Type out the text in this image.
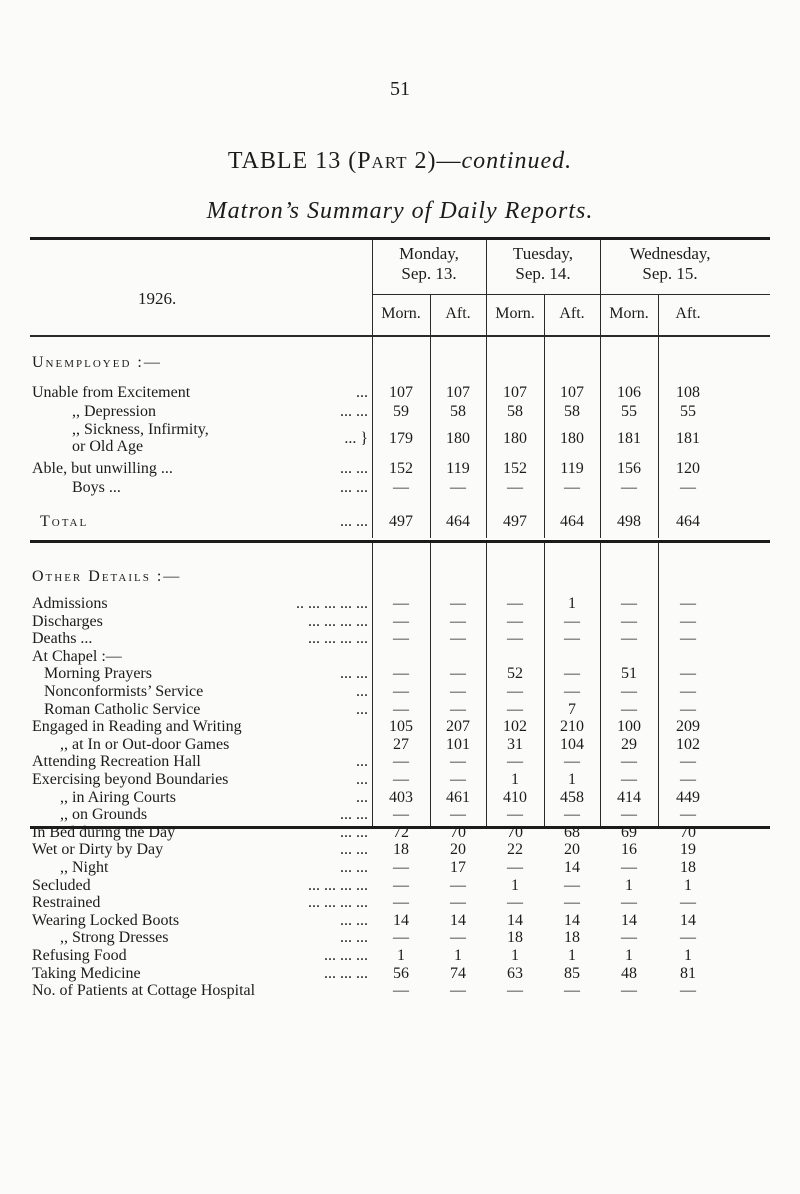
51
TABLE 13 (Part 2)—continued.
Matron’s Summary of Daily Reports.
1926.
Monday,
Sep. 13.
Tuesday,
Sep. 14.
Wednesday,
Sep. 15.
Morn.	Aft.	Morn.	Aft.	Morn.	Aft.
Unemployed :—
Other Details :—
Unable from Excitement	...	107	107	107	107	106	108
,, Depression	... ...	59	58	58	58	55	55
,, Sickness, Infirmity,
or Old Age	... }	179	180	180	180	181	181
Able, but unwilling ...	... ...	152	119	152	119	156	120
Boys ...	... ...	—	—	—	—	—	—
Total	... ...	497	464	497	464	498	464
Admissions	.. ... ... ... ...	—	—	—	1	—	—
Discharges	... ... ... ...	—	—	—	—	—	—
Deaths ...	... ... ... ...	—	—	—	—	—	—
At Chapel :—
Morning Prayers	... ...	—	—	52	—	51	—
Nonconformists’ Service	...	—	—	—	—	—	—
Roman Catholic Service	...	—	—	—	7	—	—
Engaged in Reading and Writing	105	207	102	210	100	209
,, at In or Out-door Games	27	101	31	104	29	102
Attending Recreation Hall	...	—	—	—	—	—	—
Exercising beyond Boundaries	...	—	—	1	1	—	—
,, in Airing Courts	...	403	461	410	458	414	449
,, on Grounds	... ...	—	—	—	—	—	—
In Bed during the Day	... ...	72	70	70	68	69	70
Wet or Dirty by Day	... ...	18	20	22	20	16	19
,, Night	... ...	—	17	—	14	—	18
Secluded	... ... ... ...	—	—	1	—	1	1
Restrained	... ... ... ...	—	—	—	—	—	—
Wearing Locked Boots	... ...	14	14	14	14	14	14
,, Strong Dresses	... ...	—	—	18	18	—	—
Refusing Food	... ... ...	1	1	1	1	1	1
Taking Medicine	... ... ...	56	74	63	85	48	81
No. of Patients at Cottage Hospital	—	—	—	—	—	—
